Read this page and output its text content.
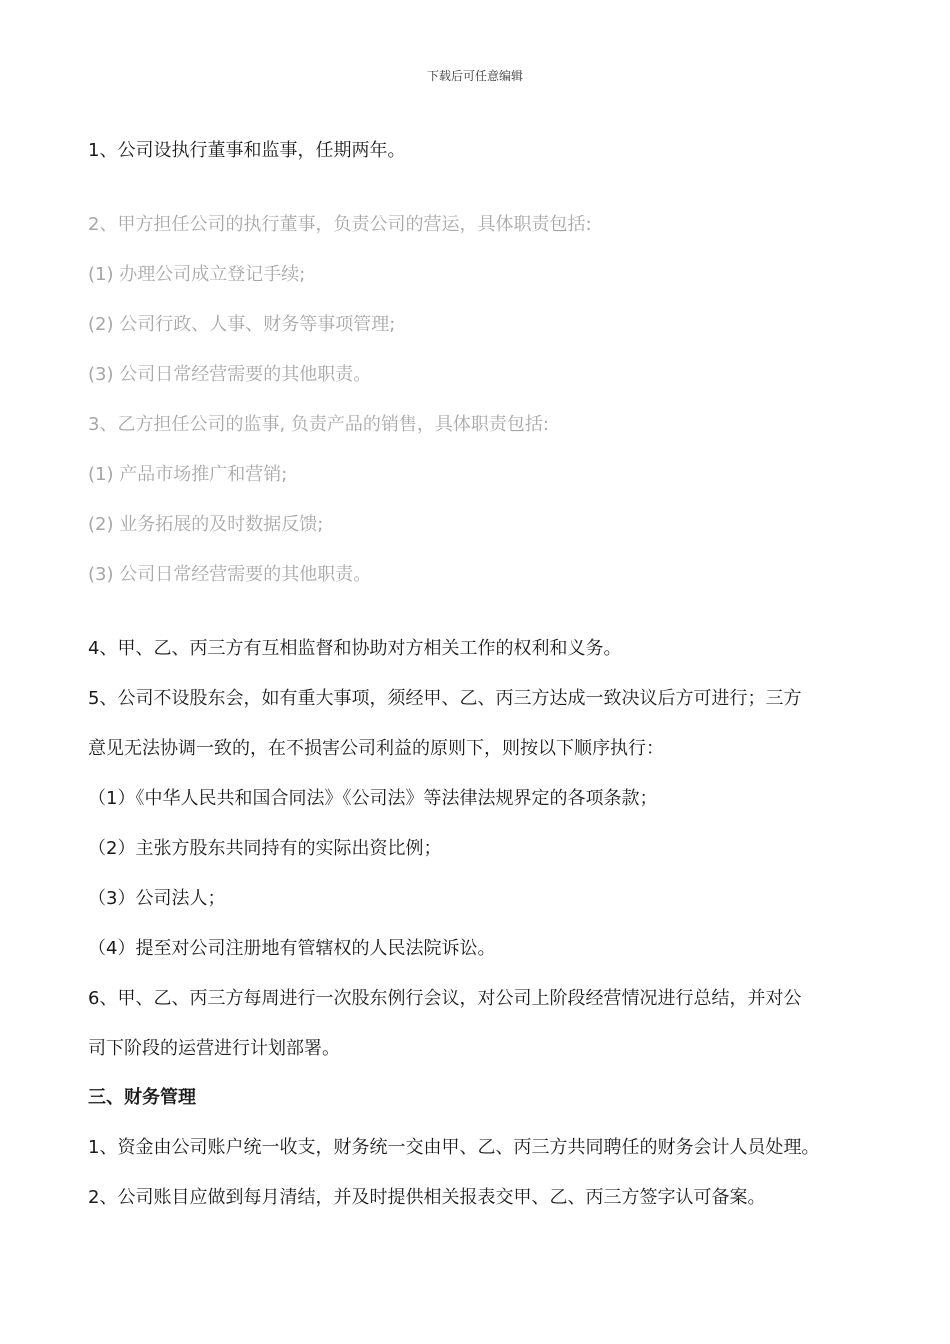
下载后可任意编辑
1、公司设执行董事和监事，任期两年。
2、甲方担任公司的执行董事，负责公司的营运，具体职责包括:
(1) 办理公司成立登记手续;
(2) 公司行政、人事、财务等事项管理;
(3) 公司日常经营需要的其他职责。
3、乙方担任公司的监事, 负责产品的销售，具体职责包括:
(1) 产品市场推广和营销;
(2) 业务拓展的及时数据反馈;
(3) 公司日常经营需要的其他职责。
4、甲、乙、丙三方有互相监督和协助对方相关工作的权利和义务。
5、公司不设股东会，如有重大事项，须经甲、乙、丙三方达成一致决议后方可进行；三方
意见无法协调一致的，在不损害公司利益的原则下，则按以下顺序执行：
（1）《中华人民共和国合同法》《公司法》等法律法规界定的各项条款；
（2）主张方股东共同持有的实际出资比例；
（3）公司法人；
（4）提至对公司注册地有管辖权的人民法院诉讼。
6、甲、乙、丙三方每周进行一次股东例行会议，对公司上阶段经营情况进行总结，并对公
司下阶段的运营进行计划部署。
三、财务管理
1、资金由公司账户统一收支，财务统一交由甲、乙、丙三方共同聘任的财务会计人员处理。
2、公司账目应做到每月清结，并及时提供相关报表交甲、乙、丙三方签字认可备案。
